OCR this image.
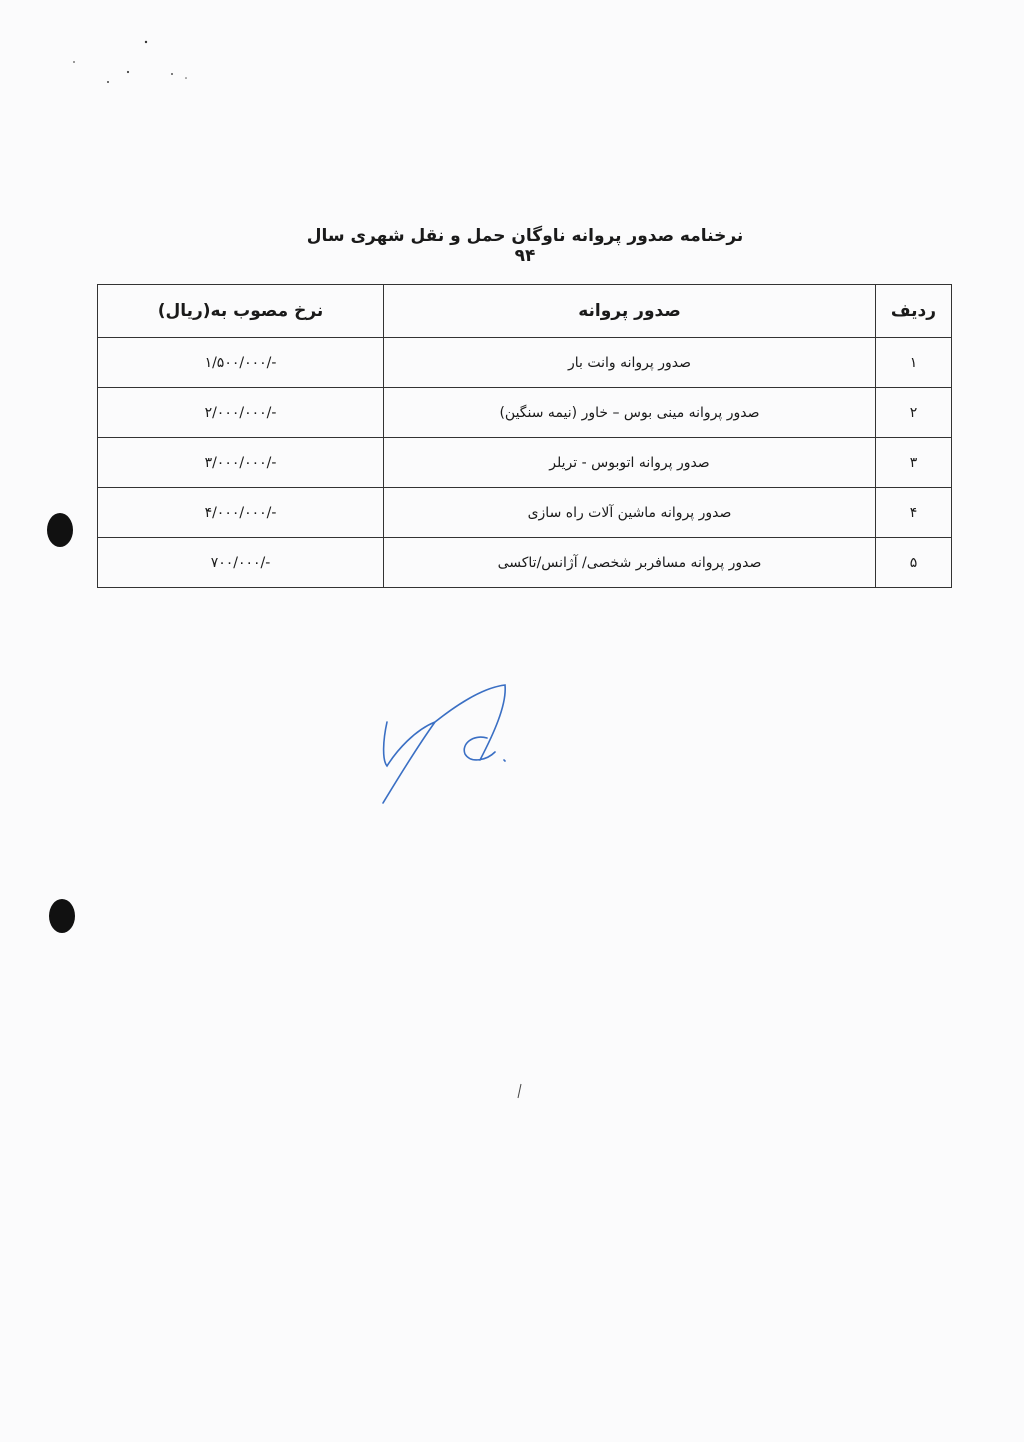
نرخنامه صدور پروانه ناوگان حمل و نقل شهری سال ۹۴
ردیف	صدور پروانه	نرخ مصوب به(ریال)
۱	صدور پروانه وانت بار	-/۱/۵۰۰/۰۰۰
۲	صدور پروانه مینی بوس – خاور (نیمه سنگین)	-/۲/۰۰۰/۰۰۰
۳	صدور پروانه اتوبوس - تریلر	-/۳/۰۰۰/۰۰۰
۴	صدور پروانه ماشین آلات راه سازی	-/۴/۰۰۰/۰۰۰
۵	صدور پروانه مسافربر شخصی/ آژانس/تاکسی	-/۷۰۰/۰۰۰
